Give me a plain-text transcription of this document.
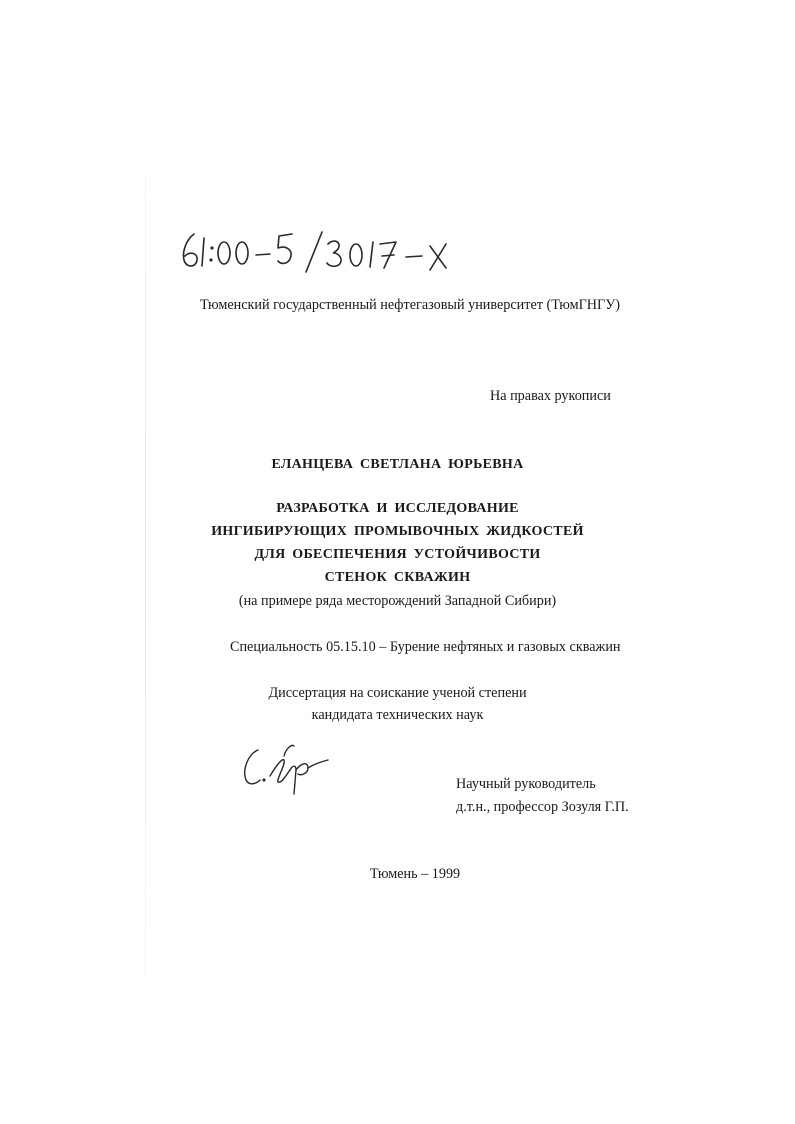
Тюменский государственный нефтегазовый университет (ТюмГНГУ)
На правах рукописи
ЕЛАНЦЕВА СВЕТЛАНА ЮРЬЕВНА
РАЗРАБОТКА И ИССЛЕДОВАНИЕ
ИНГИБИРУЮЩИХ ПРОМЫВОЧНЫХ ЖИДКОСТЕЙ
ДЛЯ ОБЕСПЕЧЕНИЯ УСТОЙЧИВОСТИ
СТЕНОК СКВАЖИН
(на примере ряда месторождений Западной Сибири)
Специальность 05.15.10 – Бурение нефтяных и газовых скважин
Диссертация на соискание ученой степени
кандидата технических наук
Научный руководитель
д.т.н., профессор Зозуля Г.П.
Тюмень – 1999
